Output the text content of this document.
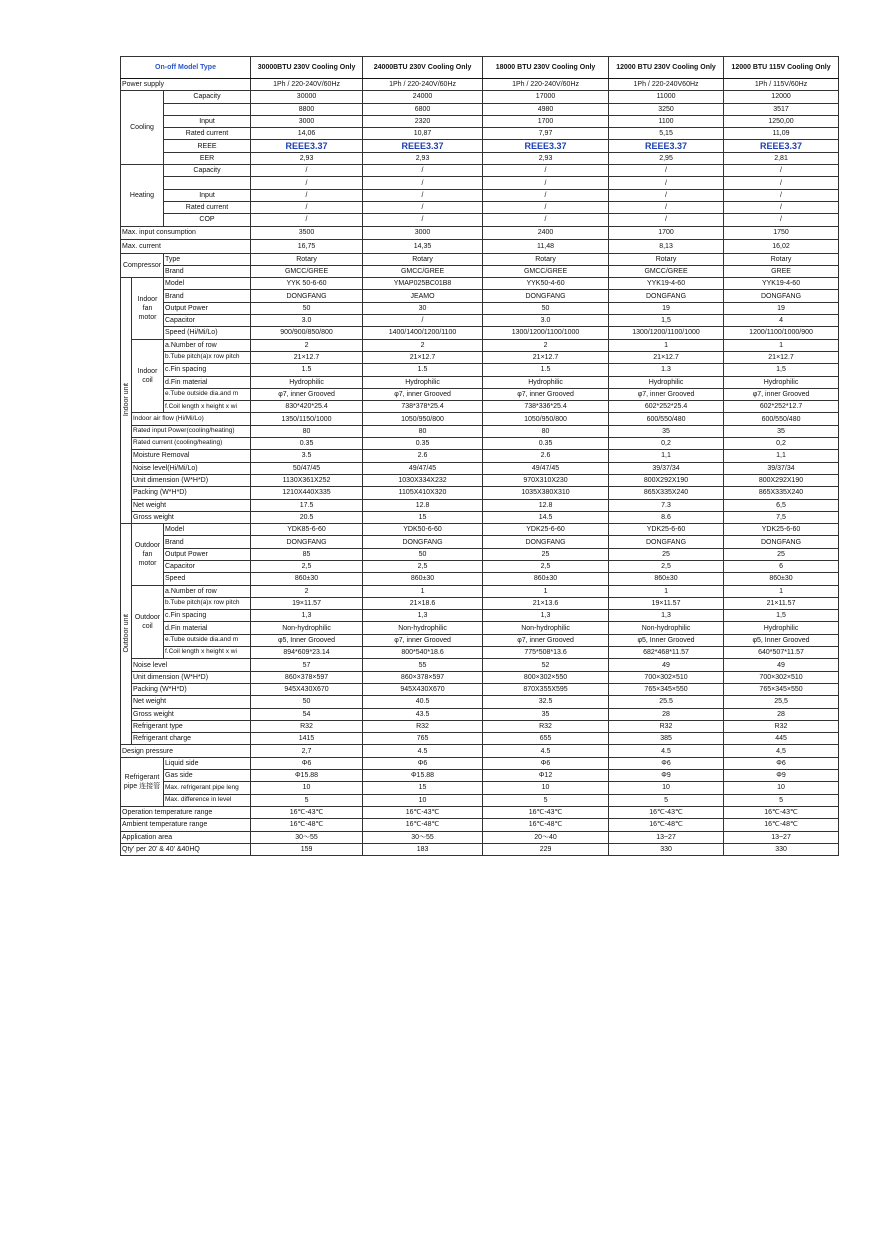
On-off Model Type			30000BTU 230V Cooling Only	24000BTU 230V Cooling Only	18000 BTU 230V Cooling Only	12000 BTU 230V Cooling Only	12000 BTU 115V Cooling Only
Power supply			1Ph / 220-240V/60Hz	1Ph / 220-240V/60Hz	1Ph / 220-240V/60Hz	1Ph / 220-240V60Hz	1Ph / 115V/60Hz
Cooling		Capacity	30000	24000	17000	11000	12000
			8800	6800	4980	3250	3517
		Input	3000	2320	1700	1100	1250,00
		Rated current	14,06	10,87	7,97	5,15	11,09
		REEE	REEE3.37	REEE3.37	REEE3.37	REEE3.37	REEE3.37
		EER	2,93	2,93	2,93	2,95	2,81
Heating		Capacity	/	/	/	/	/
			/	/	/	/	/
		Input	/	/	/	/	/
		Rated current	/	/	/	/	/
		COP	/	/	/	/	/
Max. input consumption			3500	3000	2400	1700	1750
Max. current			16,75	14,35	11,48	8,13	16,02
Compressor		Type	Rotary	Rotary	Rotary	Rotary	Rotary
		Brand	GMCC/GREE	GMCC/GREE	GMCC/GREE	GMCC/GREE	GREE
Indoor unit	Indoor fan motor	Model	YYK 50-6-60	YMAP025BC01B8	YYK50-4-60	YYK19-4-60	YYK19-4-60
		Brand	DONGFANG	JEAMO	DONGFANG	DONGFANG	DONGFANG
		Output Power	50	30	50	19	19
		Capacitor	3.0	/	3.0	1,5	4
		Speed (Hi/Mi/Lo)	900/900/850/800	1400/1400/1200/1100	1300/1200/1100/1000	1300/1200/1100/1000	1200/1100/1000/900
	Indoor coil	a.Number of row	2	2	2	1	1
		b.Tube pitch(a)x row pitch	21×12.7	21×12.7	21×12.7	21×12.7	21×12.7
		c.Fin spacing	1.5	1.5	1.5	1.3	1,5
		d.Fin material	Hydrophilic	Hydrophilic	Hydrophilic	Hydrophilic	Hydrophilic
		e.Tube outside dia.and m	φ7, inner Grooved	φ7, inner Grooved	φ7, inner Grooved	φ7, inner Grooved	φ7, inner Grooved
		f.Coil length x height x wi	830*420*25.4	738*378*25.4	738*336*25.4	602*252*25.4	602*252*12.7
	Indoor air flow (Hi/Mi/Lo)		1350/1150/1000	1050/950/800	1050/950/800	600/550/480	600/550/480
	Rated input Power(cooling/heating)		80	80	80	35	35
	Rated current (cooling/heating)		0.35	0.35	0.35	0,2	0,2
	Moisture Removal		3.5	2.6	2.6	1,1	1,1
	Noise level(Hi/Mi/Lo)		50/47/45	49/47/45	49/47/45	39/37/34	39/37/34
	Unit dimension (W*H*D)		1130X361X252	1030X334X232	970X310X230	800X292X190	800X292X190
	Packing (W*H*D)		1210X440X335	1105X410X320	1035X380X310	865X335X240	865X335X240
	Net weight		17.5	12.8	12.8	7.3	6,5
	Gross weight		20.5	15	14.5	8.6	7,5
Outdoor unit	Outdoor fan motor	Model	YDK85-6-60	YDK50-6-60	YDK25-6-60	YDK25-6-60	YDK25-6-60
		Brand	DONGFANG	DONGFANG	DONGFANG	DONGFANG	DONGFANG
		Output Power	85	50	25	25	25
		Capacitor	2,5	2,5	2,5	2,5	6
		Speed	860±30	860±30	860±30	860±30	860±30
	Outdoor coil	a.Number of row	2	1	1	1	1
		b.Tube pitch(a)x row pitch	19×11.57	21×18.6	21×13.6	19×11.57	21×11.57
		c.Fin spacing	1,3	1,3	1,3	1,3	1,5
		d.Fin material	Non-hydrophilic	Non-hydrophilic	Non-hydrophilic	Non-hydrophilic	Hydrophilic
		e.Tube outside dia.and m	φ5, Inner Grooved	φ7, inner Grooved	φ7, inner Grooved	φ5, Inner Grooved	φ5, Inner Grooved
		f.Coil length x height x wi	894*609*23.14	800*540*18.6	775*508*13.6	682*468*11.57	640*507*11.57
	Noise level		57	55	52	49	49
	Unit dimension (W*H*D)		860×378×597	860×378×597	800×302×550	700×302×510	700×302×510
	Packing (W*H*D)		945X430X670	945X430X670	870X355X595	765×345×550	765×345×550
	Net weight		50	40.5	32.5	25.5	25,5
	Gross weight		54	43.5	35	28	28
	Refrigerant type		R32	R32	R32	R32	R32
	Refrigerant charge		1415	765	655	385	445
Design pressure			2,7	4.5	4.5	4.5	4,5
Refrigerant pipe 连接管		Liquid side	Φ6	Φ6	Φ6	Φ6	Φ6
		Gas side	Φ15.88	Φ15.88	Φ12	Φ9	Φ9
		Max. refrigerant pipe leng	10	15	10	10	10
		Max. difference in level	5	10	5	5	5
Operation temperature range			16℃-43℃	16℃-43℃	16℃-43℃	16℃-43℃	16℃-43℃
Ambient temperature range			16℃-48℃	16℃-48℃	16℃-48℃	16℃-48℃	16℃-48℃
Application area			30～55	30～55	20～40	13~27	13~27
Qty’ per 20’ & 40’ &40HQ			159	183	229	330	330
